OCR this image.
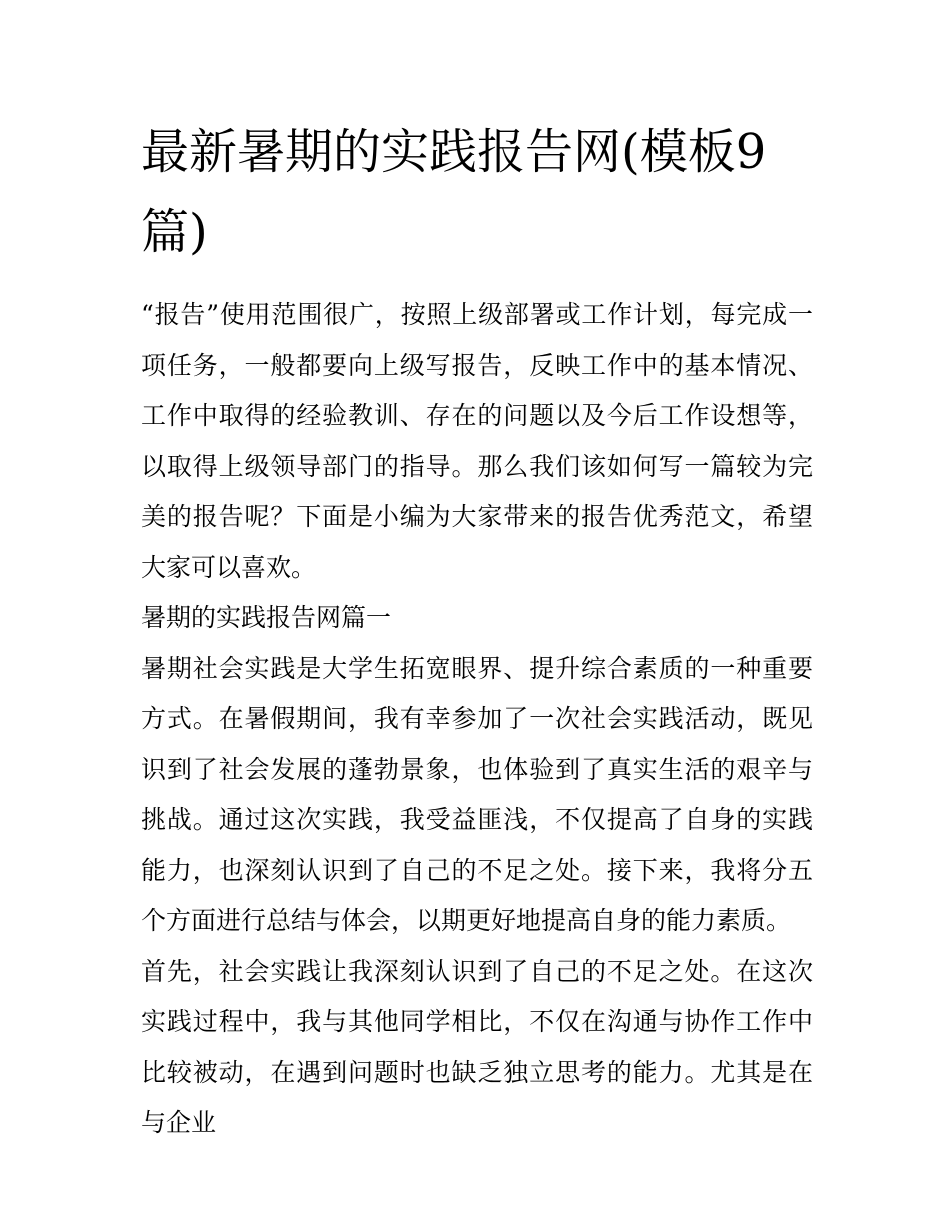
最新暑期的实践报告网(模板9篇)

“报告”使用范围很广，按照上级部署或工作计划，每完成一项任务，一般都要向上级写报告，反映工作中的基本情况、工作中取得的经验教训、存在的问题以及今后工作设想等，以取得上级领导部门的指导。那么我们该如何写一篇较为完美的报告呢？下面是小编为大家带来的报告优秀范文，希望大家可以喜欢。

暑期的实践报告网篇一

暑期社会实践是大学生拓宽眼界、提升综合素质的一种重要方式。在暑假期间，我有幸参加了一次社会实践活动，既见识到了社会发展的蓬勃景象，也体验到了真实生活的艰辛与挑战。通过这次实践，我受益匪浅，不仅提高了自身的实践能力，也深刻认识到了自己的不足之处。接下来，我将分五个方面进行总结与体会，以期更好地提高自身的能力素质。

首先，社会实践让我深刻认识到了自己的不足之处。在这次实践过程中，我与其他同学相比，不仅在沟通与协作工作中比较被动，在遇到问题时也缺乏独立思考的能力。尤其是在与企业
